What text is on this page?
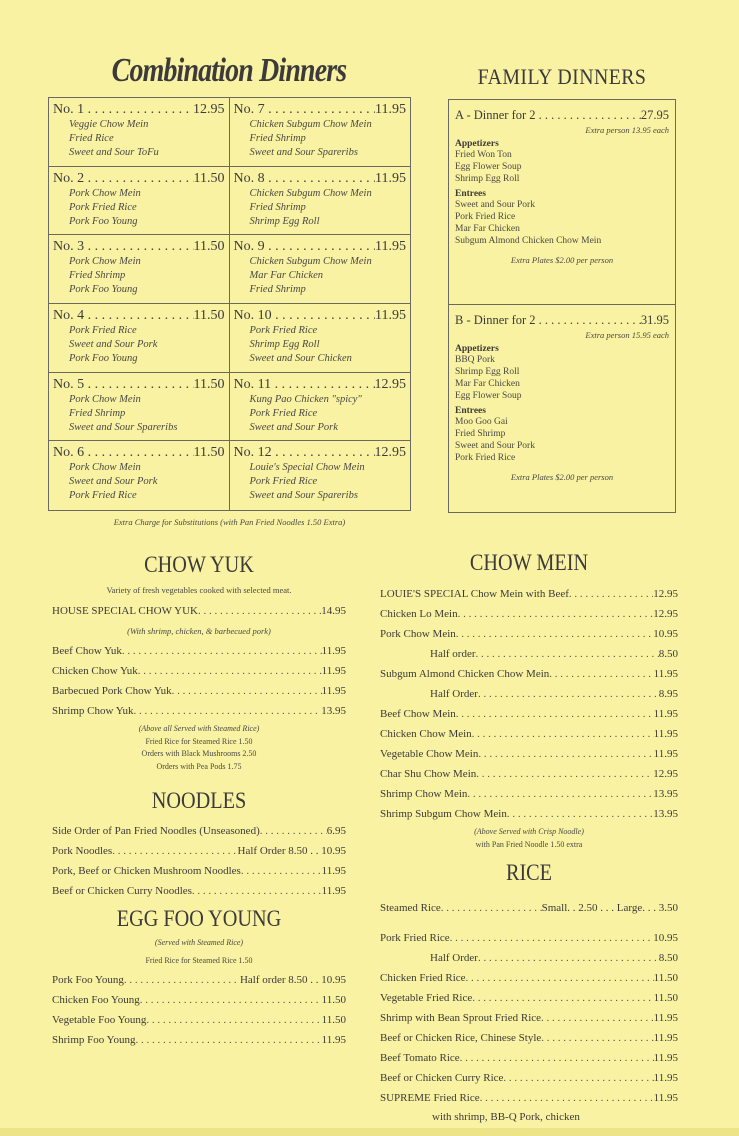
Combination Dinners
No. 1 . . .	12.95
Veggie Chow Mein
Fried Rice
Sweet and Sour ToFu
No. 7 . . .	11.95
Chicken Subgum Chow Mein
Fried Shrimp
Sweet and Sour Spareribs
No. 2 . . .	11.50
Pork Chow Mein
Pork Fried Rice
Pork Foo Young
No. 8 . . .	11.95
Chicken Subgum Chow Mein
Fried Shrimp
Shrimp Egg Roll
No. 3 . . .	11.50
Pork Chow Mein
Fried Shrimp
Pork Foo Young
No. 9 . . .	11.95
Chicken Subgum Chow Mein
Mar Far Chicken
Fried Shrimp
No. 4 . . .	11.50
Pork Fried Rice
Sweet and Sour Pork
Pork Foo Young
No. 10 . . .	11.95
Pork Fried Rice
Shrimp Egg Roll
Sweet and Sour Chicken
No. 5 . . .	11.50
Pork Chow Mein
Fried Shrimp
Sweet and Sour Spareribs
No. 11 . . .	12.95
Kung Pao Chicken "spicy"
Pork Fried Rice
Sweet and Sour Pork
No. 6 . . .	11.50
Pork Chow Mein
Sweet and Sour Pork
Pork Fried Rice
No. 12 . . .	12.95
Louie's Special Chow Mein
Pork Fried Rice
Sweet and Sour Spareribs
Extra Charge for Substitutions (with Pan Fried Noodles 1.50 Extra)
FAMILY DINNERS
A - Dinner for 2 . . .	27.95
Extra person 13.95 each
Appetizers
Fried Won Ton
Egg Flower Soup
Shrimp Egg Roll
Entrees
Sweet and Sour Pork
Pork Fried Rice
Mar Far Chicken
Subgum Almond Chicken Chow Mein
Extra Plates $2.00 per person
B - Dinner for 2 . . .	31.95
Extra person 15.95 each
Appetizers
BBQ Pork
Shrimp Egg Roll
Mar Far Chicken
Egg Flower Soup
Entrees
Moo Goo Gai
Fried Shrimp
Sweet and Sour Pork
Pork Fried Rice
Extra Plates $2.00 per person
CHOW YUK
Variety of fresh vegetables cooked with selected meat.
HOUSE SPECIAL CHOW YUK . . .	14.95
(With shrimp, chicken, & barbecued pork)
Beef Chow Yuk . . .	11.95
Chicken Chow Yuk . . .	11.95
Barbecued Pork Chow Yuk . . .	11.95
Shrimp Chow Yuk . . .	13.95
(Above all Served with Steamed Rice)
Fried Rice for Steamed Rice 1.50
Orders with Black Mushrooms 2.50
Orders with Pea Pods 1.75
NOODLES
Side Order of Pan Fried Noodles (Unseasoned) . . .	6.95
Pork Noodles . . .	Half Order 8.50 . . 10.95
Pork, Beef or Chicken Mushroom Noodles . . .	11.95
Beef or Chicken Curry Noodles . . .	11.95
EGG FOO YOUNG
(Served with Steamed Rice)
Fried Rice for Steamed Rice 1.50
Pork Foo Young . . .	Half order 8.50 . . 10.95
Chicken Foo Young . . .	11.50
Vegetable Foo Young . . .	11.50
Shrimp Foo Young . . .	11.95
CHOW MEIN
LOUIE'S SPECIAL Chow Mein with Beef . . .	12.95
Chicken Lo Mein . . .	12.95
Pork Chow Mein . . .	10.95
Half order . . .	8.50
Subgum Almond Chicken Chow Mein . . .	11.95
Half Order . . .	8.95
Beef Chow Mein . . .	11.95
Chicken Chow Mein . . .	11.95
Vegetable Chow Mein . . .	11.95
Char Shu Chow Mein . . .	12.95
Shrimp Chow Mein . . .	13.95
Shrimp Subgum Chow Mein . . .	13.95
(Above Served with Crisp Noodle)
with Pan Fried Noodle 1.50 extra
RICE
Steamed Rice . . .	Small. . 2.50 . . . Large. . . 3.50
Pork Fried Rice . . .	10.95
Half Order . . .	8.50
Chicken Fried Rice . . .	11.50
Vegetable Fried Rice . . .	11.50
Shrimp with Bean Sprout Fried Rice . . .	11.95
Beef or Chicken Rice, Chinese Style . . .	11.95
Beef Tomato Rice . . .	11.95
Beef or Chicken Curry Rice . . .	11.95
SUPREME Fried Rice . . .	11.95
with shrimp, BB-Q Pork, chicken
